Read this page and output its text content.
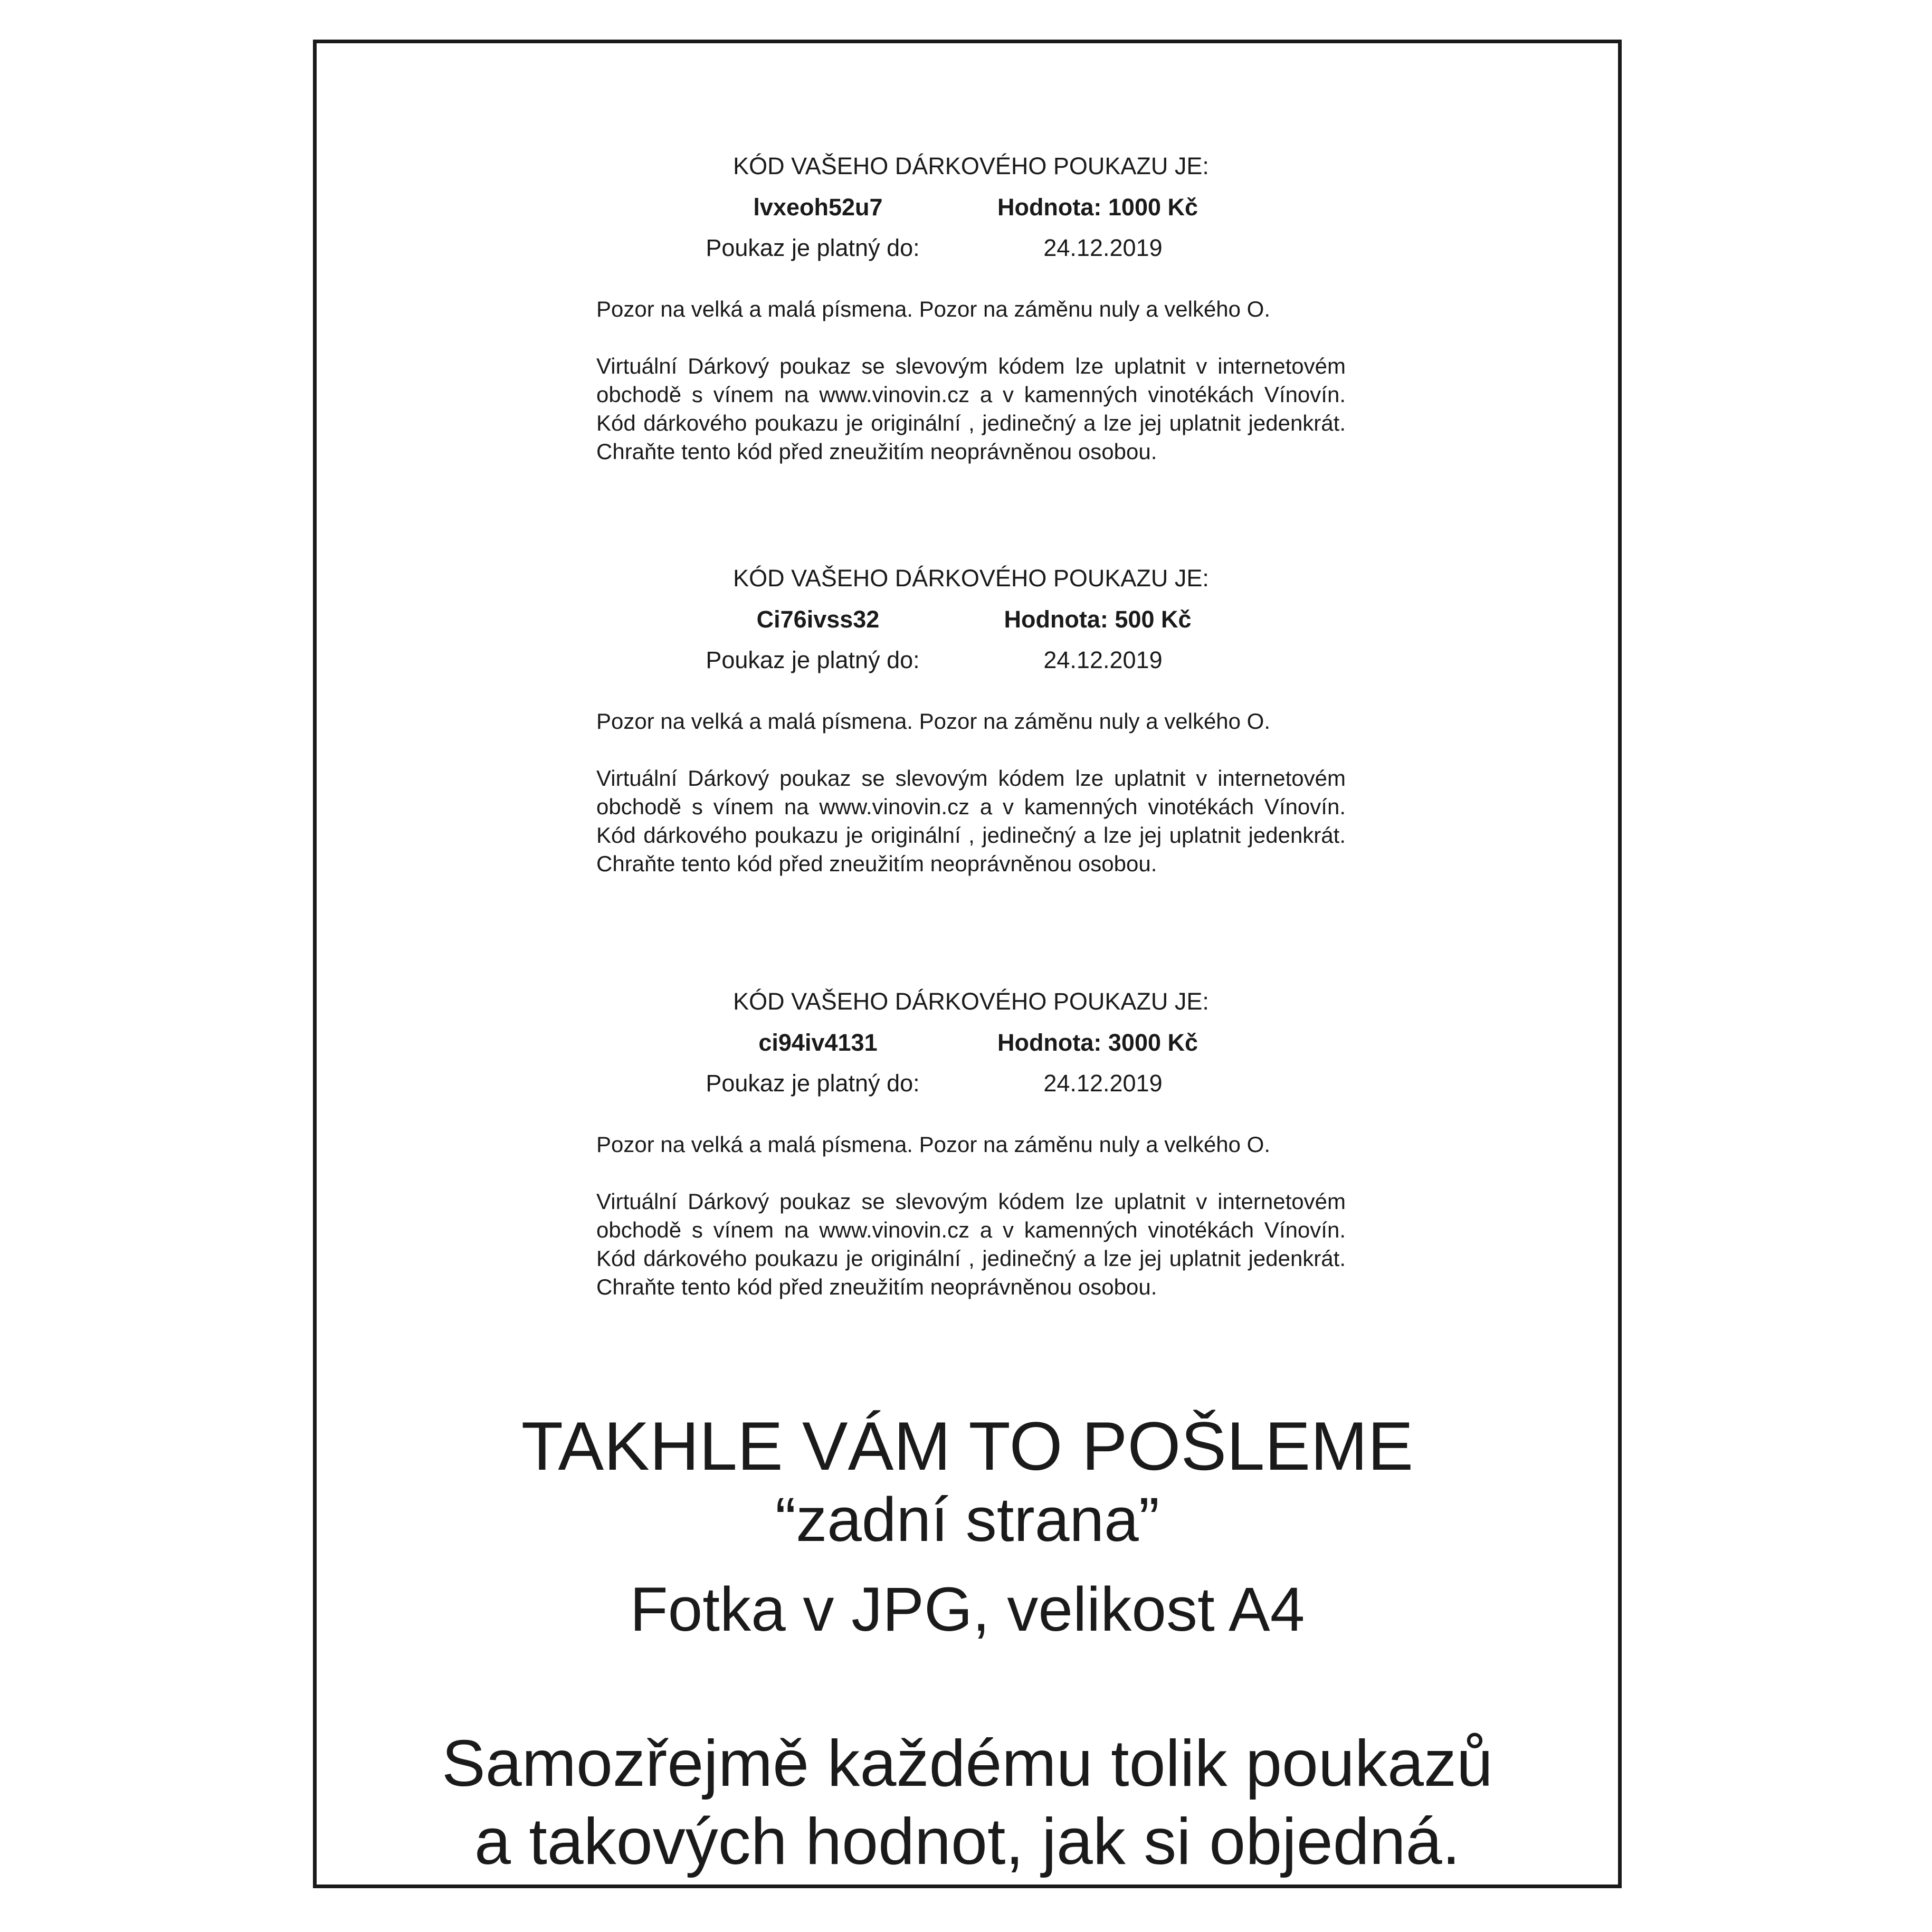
KÓD VAŠEHO DÁRKOVÉHO POUKAZU JE:
lvxeoh52u7	Hodnota: 1000 Kč
Poukaz je platný do:	24.12.2019
Pozor na velká a malá písmena. Pozor na záměnu nuly a velkého O.
Virtuální Dárkový poukaz se slevovým kódem lze uplatnit v internetovém obchodě s vínem na www.vinovin.cz a v kamenných vinotékách Vínovín. Kód dárkového poukazu je originální , jedinečný a lze jej uplatnit jedenkrát. Chraňte tento kód před zneužitím neoprávněnou osobou.
KÓD VAŠEHO DÁRKOVÉHO POUKAZU JE:
Ci76ivss32	Hodnota: 500 Kč
Poukaz je platný do:	24.12.2019
Pozor na velká a malá písmena. Pozor na záměnu nuly a velkého O.
Virtuální Dárkový poukaz se slevovým kódem lze uplatnit v internetovém obchodě s vínem na www.vinovin.cz a v kamenných vinotékách Vínovín. Kód dárkového poukazu je originální , jedinečný a lze jej uplatnit jedenkrát. Chraňte tento kód před zneužitím neoprávněnou osobou.
KÓD VAŠEHO DÁRKOVÉHO POUKAZU JE:
ci94iv4131	Hodnota: 3000 Kč
Poukaz je platný do:	24.12.2019
Pozor na velká a malá písmena. Pozor na záměnu nuly a velkého O.
Virtuální Dárkový poukaz se slevovým kódem lze uplatnit v internetovém obchodě s vínem na www.vinovin.cz a v kamenných vinotékách Vínovín. Kód dárkového poukazu je originální , jedinečný a lze jej uplatnit jedenkrát. Chraňte tento kód před zneužitím neoprávněnou osobou.
TAKHLE VÁM TO POŠLEME
“zadní strana”
Fotka v JPG, velikost A4
Samozřejmě každému tolik poukazů
a takových hodnot, jak si objedná.
